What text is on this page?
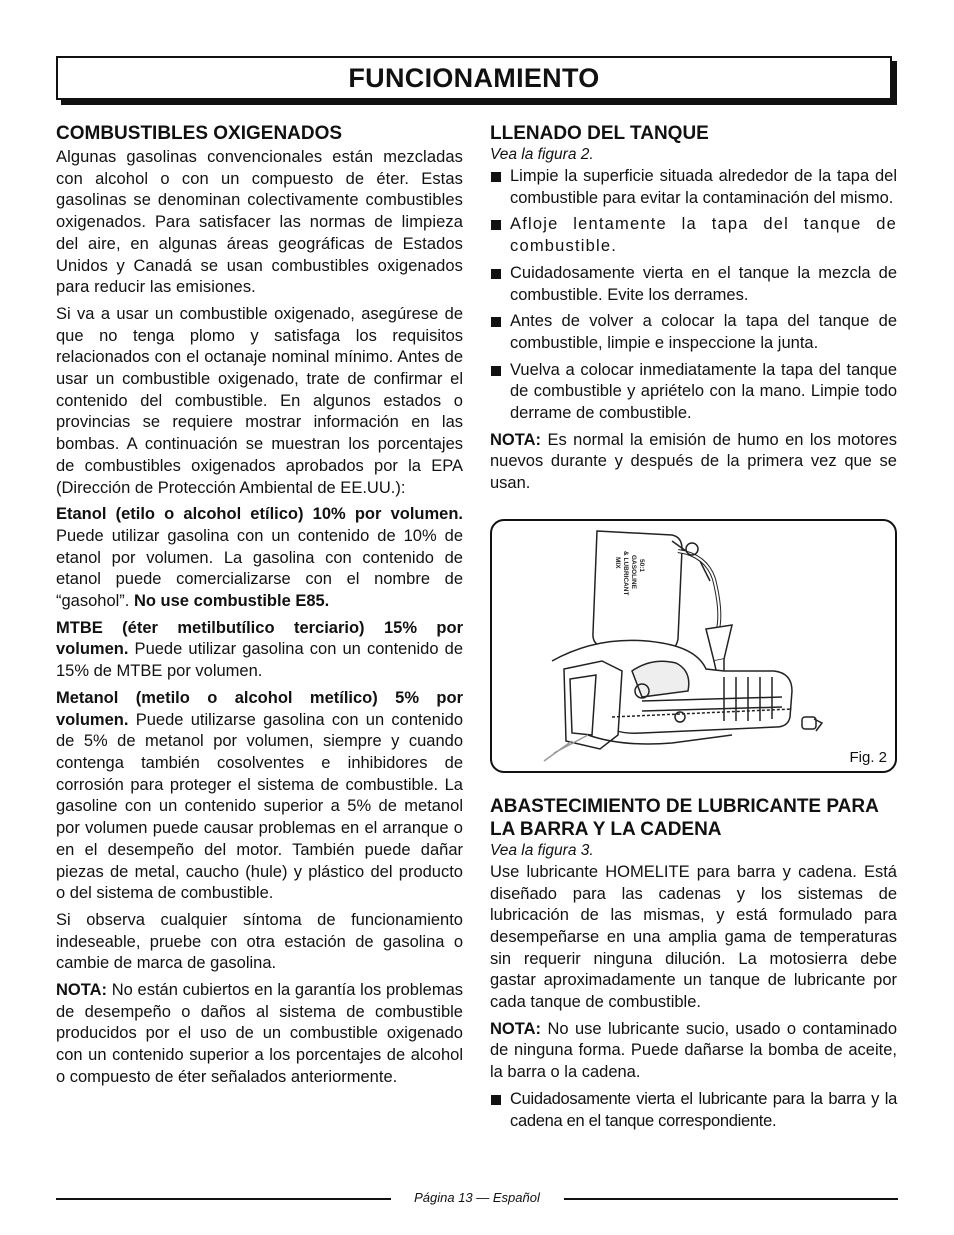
FUNCIONAMIENTO
COMBUSTIBLES OXIGENADOS

Algunas gasolinas convencionales están mezcladas con alcohol o con un compuesto de éter. Estas gasolinas se denominan colectivamente combustibles oxigenados. Para satisfacer las normas de limpieza del aire, en algunas áreas geográficas de Estados Unidos y Canadá se usan combustibles oxigenados para reducir las emisiones.

Si va a usar un combustible oxigenado, asegúrese de que no tenga plomo y satisfaga los requisitos relacionados con el octanaje nominal mínimo. Antes de usar un combustible oxigenado, trate de confirmar el contenido del combustible. En algunos estados o provincias se requiere mostrar información en las bombas. A continuación se muestran los porcentajes de combustibles oxigenados aprobados por la EPA (Dirección de Protección Ambiental de EE.UU.):

Etanol (etilo o alcohol etílico) 10% por volumen. Puede utilizar gasolina con un contenido de 10% de etanol por volumen. La gasolina con contenido de etanol puede comercializarse con el nombre de “gasohol”. No use combustible E85.

MTBE (éter metilbutílico terciario) 15% por volumen. Puede utilizar gasolina con un contenido de 15% de MTBE por volumen.

Metanol (metilo o alcohol metílico) 5% por volumen. Puede utilizarse gasolina con un contenido de 5% de metanol por volumen, siempre y cuando contenga también cosolventes e inhibidores de corrosión para proteger el sistema de combustible. La gasoline con un contenido superior a 5% de metanol por volumen puede causar problemas en el arranque o en el desempeño del motor. También puede dañar piezas de metal, caucho (hule) y plástico del producto o del sistema de combustible.

Si observa cualquier síntoma de funcionamiento indeseable, pruebe con otra estación de gasolina o cambie de marca de gasolina.

NOTA: No están cubiertos en la garantía los problemas de desempeño o daños al sistema de combustible producidos por el uso de un combustible oxigenado con un contenido superior a los porcentajes de alcohol o compuesto de éter señalados anteriormente.

LLENADO DEL TANQUE
Vea la figura 2.
Limpie la superficie situada alrededor de la tapa del combustible para evitar la contaminación del mismo.
Afloje lentamente la tapa del tanque de combustible.
Cuidadosamente vierta en el tanque la mezcla de combustible. Evite los derrames.
Antes de volver a colocar la tapa del tanque de combustible, limpie e inspeccione la junta.
Vuelva a colocar inmediatamente la tapa del tanque de combustible y apriételo con la mano. Limpie todo derrame de combustible.

NOTA: Es normal la emisión de humo en los motores nuevos durante y después de la primera vez que se usan.

50:1
GASOLINE
& LUBRICANT
MIX
Fig. 2
ABASTECIMIENTO DE LUBRICANTE PARA LA BARRA Y LA CADENA
Vea la figura 3.

Use lubricante HOMELITE para barra y cadena. Está diseñado para las cadenas y los sistemas de lubricación de las mismas, y está formulado para desempeñarse en una amplia gama de temperaturas sin requerir ninguna dilución. La motosierra debe gastar aproximadamente un tanque de lubricante por cada tanque de combustible.

NOTA: No use lubricante sucio, usado o contaminado de ninguna forma. Puede dañarse la bomba de aceite, la barra o la cadena.

Cuidadosamente vierta el lubricante para la barra y la cadena en el tanque correspondiente.
Página 13 — Español
